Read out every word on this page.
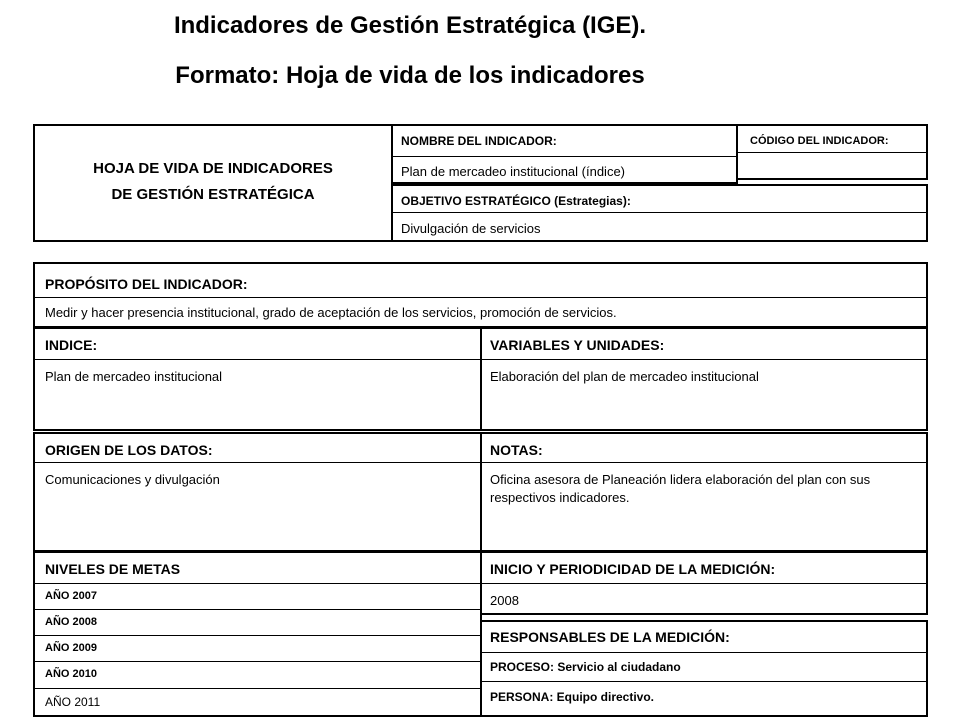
Indicadores de Gestión Estratégica (IGE).
Formato: Hoja de vida de los indicadores
HOJA DE VIDA DE INDICADORES
DE GESTIÓN ESTRATÉGICA
NOMBRE DEL INDICADOR:
Plan de mercadeo institucional (índice)
CÓDIGO DEL INDICADOR:
OBJETIVO ESTRATÉGICO (Estrategias):
Divulgación de servicios
PROPÓSITO DEL INDICADOR:
Medir y hacer presencia institucional, grado de aceptación de los servicios, promoción de servicios.
INDICE:
Plan de mercadeo institucional
VARIABLES Y UNIDADES:
Elaboración del plan de mercadeo institucional
ORIGEN DE LOS DATOS:
Comunicaciones y divulgación
NOTAS:
Oficina asesora de Planeación lidera elaboración del plan con sus respectivos indicadores.
NIVELES DE METAS
AÑO 2007
AÑO 2008
AÑO 2009
AÑO 2010
AÑO 2011
INICIO Y PERIODICIDAD DE LA MEDICIÓN:
2008
RESPONSABLES DE LA MEDICIÓN:
PROCESO: Servicio al ciudadano
PERSONA: Equipo directivo.
